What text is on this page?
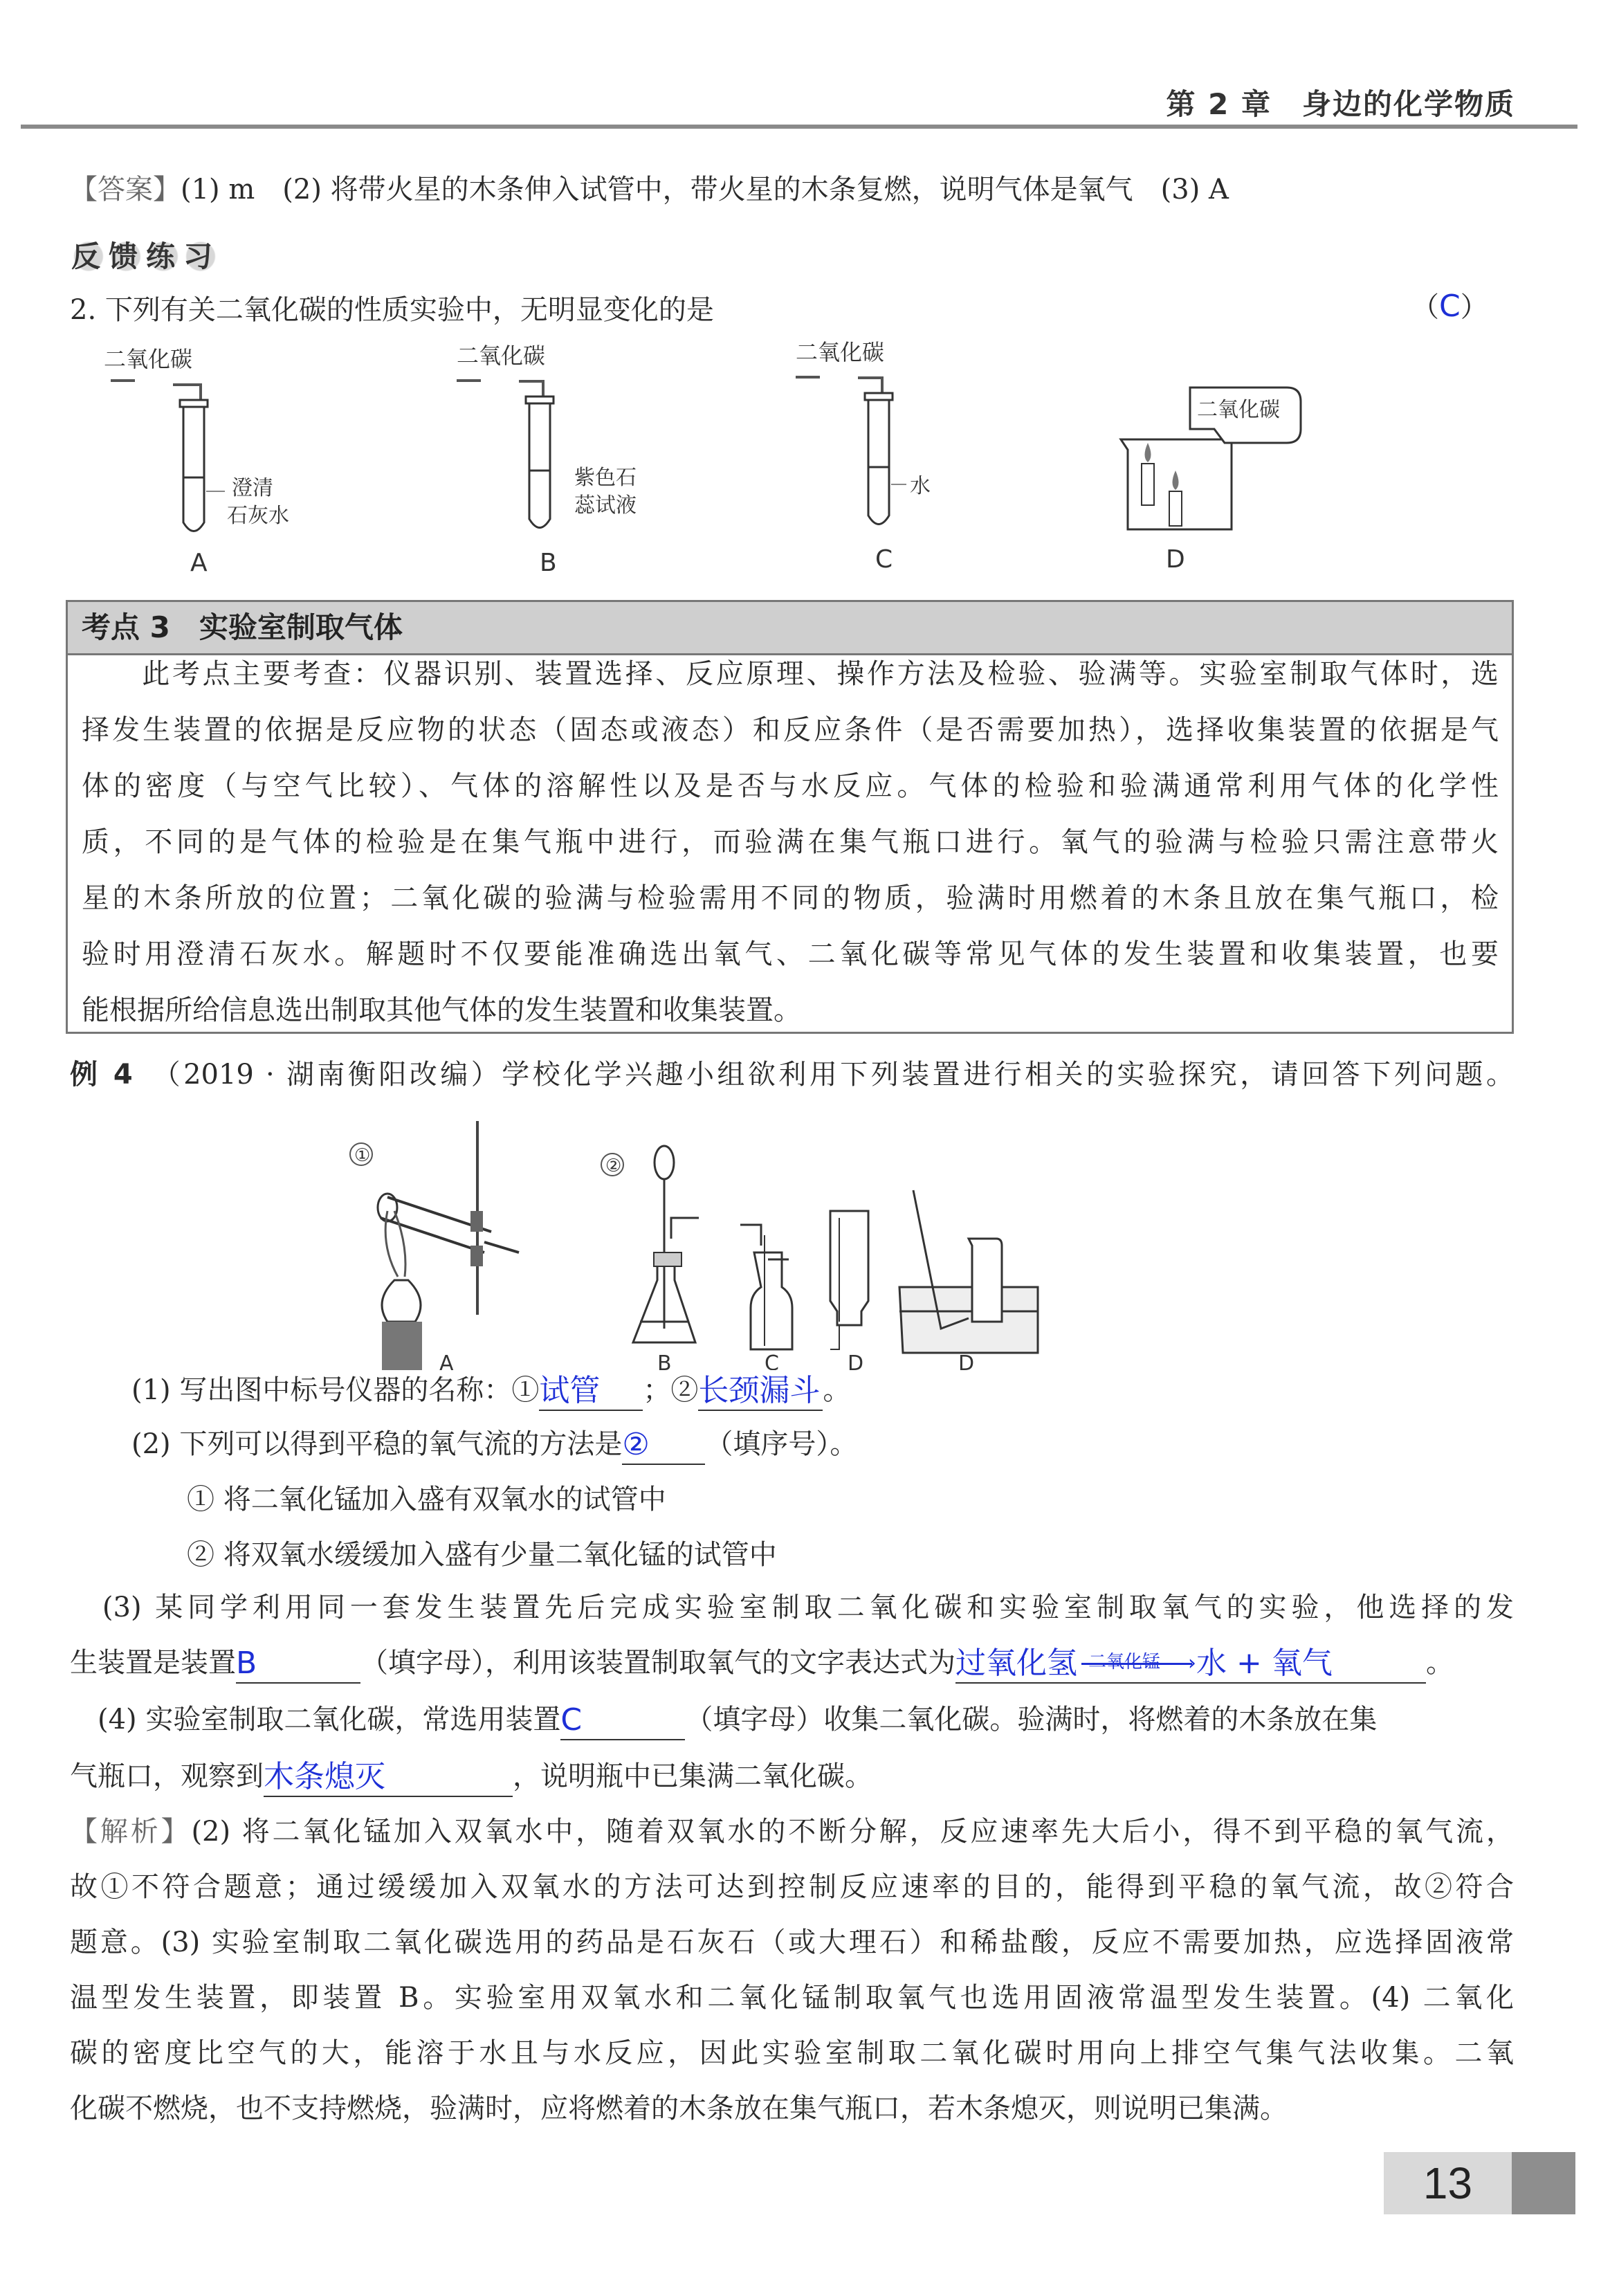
第 2 章　 身边的化学物质
【答案】(1) m　(2) 将带火星的木条伸入试管中，带火星的木条复燃，说明气体是氧气　(3) A
反馈练习
2. 下列有关二氧化碳的性质实验中，无明显变化的是	（C）
二氧化碳
澄清
石灰水
A
二氧化碳
紫色石
蕊试液
B
二氧化碳
水
C
二氧化碳
D
考点 3　实验室制取气体
　　此考点主要考查：仪器识别、装置选择、反应原理、操作方法及检验、验满等。实验室制取气体时，选
择发生装置的依据是反应物的状态（固态或液态）和反应条件（是否需要加热），选择收集装置的依据是气
体的密度（与空气比较）、气体的溶解性以及是否与水反应。气体的检验和验满通常利用气体的化学性
质，不同的是气体的检验是在集气瓶中进行，而验满在集气瓶口进行。氧气的验满与检验只需注意带火
星的木条所放的位置；二氧化碳的验满与检验需用不同的物质，验满时用燃着的木条且放在集气瓶口，检
验时用澄清石灰水。解题时不仅要能准确选出氧气、二氧化碳等常见气体的发生装置和收集装置，也要
能根据所给信息选出制取其他气体的发生装置和收集装置。
例 4　 （2019 · 湖南衡阳改编）学校化学兴趣小组欲利用下列装置进行相关的实验探究，请回答下列问题。
①	②
A	B	C	D	D
(1) 写出图中标号仪器的名称：①试管 ；②长颈漏斗 。
(2) 下列可以得到平稳的氧气流的方法是② （填序号）。
① 将二氧化锰加入盛有双氧水的试管中
② 将双氧水缓缓加入盛有少量二氧化锰的试管中
　(3) 某同学利用同一套发生装置先后完成实验室制取二氧化碳和实验室制取氧气的实验，他选择的发
生装置是装置B	（填字母），利用该装置制取氧气的文字表达式为过氧化氢 二氧化锰 › 水 + 氧气	。
　(4) 实验室制取二氧化碳，常选用装置C	（填字母）收集二氧化碳。验满时，将燃着的木条放在集
气瓶口，观察到木条熄灭	，说明瓶中已集满二氧化碳。
【解析】(2) 将二氧化锰加入双氧水中，随着双氧水的不断分解，反应速率先大后小，得不到平稳的氧气流，
故①不符合题意；通过缓缓加入双氧水的方法可达到控制反应速率的目的，能得到平稳的氧气流，故②符合
题意。(3) 实验室制取二氧化碳选用的药品是石灰石（或大理石）和稀盐酸，反应不需要加热，应选择固液常
温型发生装置，即装置 B。实验室用双氧水和二氧化锰制取氧气也选用固液常温型发生装置。(4) 二氧化
碳的密度比空气的大，能溶于水且与水反应，因此实验室制取二氧化碳时用向上排空气集气法收集。二氧
化碳不燃烧，也不支持燃烧，验满时，应将燃着的木条放在集气瓶口，若木条熄灭，则说明已集满。
13
